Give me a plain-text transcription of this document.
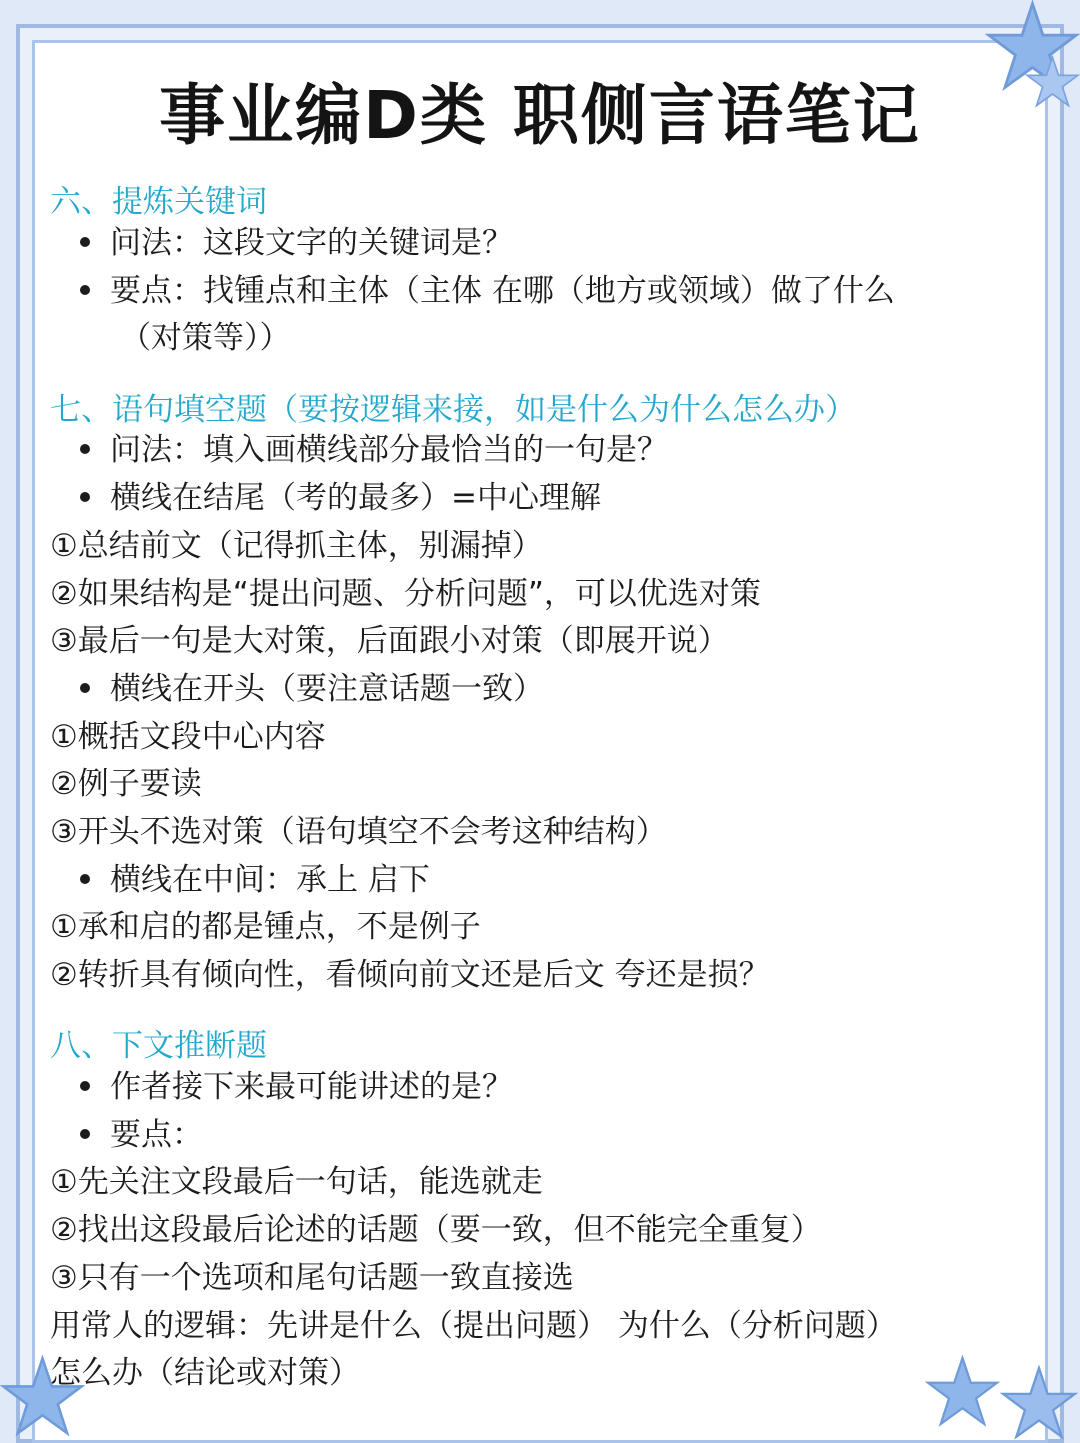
事业编D类 职侧言语笔记
六、提炼关键词
问法：这段文字的关键词是？
要点：找锺点和主体（主体 在哪（地方或领域）做了什么
（对策等））
七、语句填空题（要按逻辑来接，如是什么为什么怎么办）
问法：填入画横线部分最恰当的一句是？
横线在结尾（考的最多）=中心理解
①总结前文（记得抓主体，别漏掉）
②如果结构是“提出问题、分析问题”，可以优选对策
③最后一句是大对策，后面跟小对策（即展开说）
横线在开头（要注意话题一致）
①概括文段中心内容
②例子要读
③开头不选对策（语句填空不会考这种结构）
横线在中间：承上 启下
①承和启的都是锺点，不是例子
②转折具有倾向性，看倾向前文还是后文 夸还是损？
八、下文推断题
作者接下来最可能讲述的是？
要点：
①先关注文段最后一句话，能选就走
②找出这段最后论述的话题（要一致，但不能完全重复）
③只有一个选项和尾句话题一致直接选
用常人的逻辑：先讲是什么（提出问题） 为什么（分析问题）
怎么办（结论或对策）
